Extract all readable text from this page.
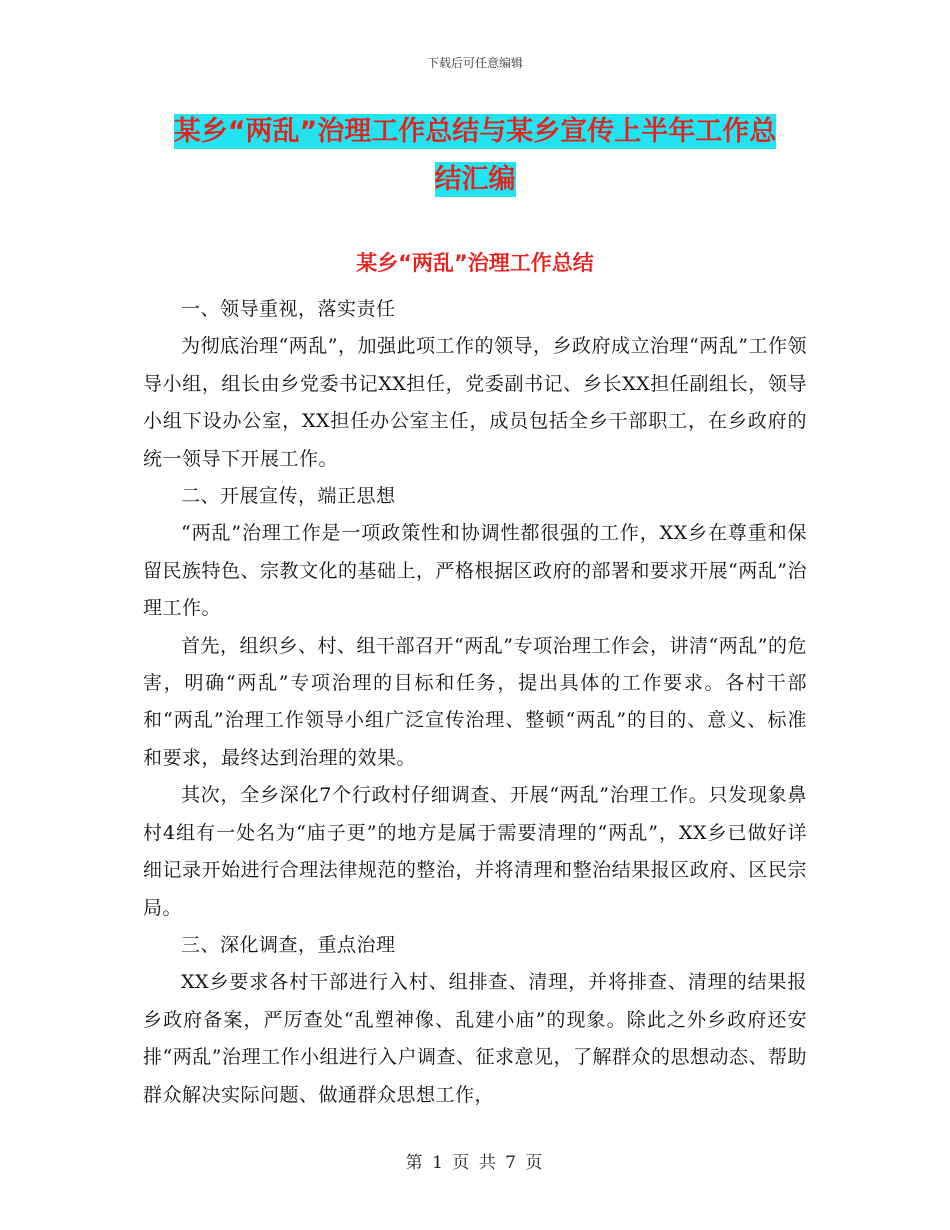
下载后可任意编辑
某乡“两乱”治理工作总结与某乡宣传上半年工作总
结汇编
某乡“两乱”治理工作总结

一、领导重视，落实责任

为彻底治理“两乱”，加强此项工作的领导，乡政府成立治理“两乱”工作领导小组，组长由乡党委书记XX担任，党委副书记、乡长XX担任副组长，领导小组下设办公室，XX担任办公室主任，成员包括全乡干部职工，在乡政府的统一领导下开展工作。

二、开展宣传，端正思想

“两乱”治理工作是一项政策性和协调性都很强的工作，XX乡在尊重和保留民族特色、宗教文化的基础上，严格根据区政府的部署和要求开展“两乱”治理工作。

首先，组织乡、村、组干部召开“两乱”专项治理工作会，讲清“两乱”的危害，明确“两乱”专项治理的目标和任务，提出具体的工作要求。各村干部和“两乱”治理工作领导小组广泛宣传治理、整顿“两乱”的目的、意义、标准和要求，最终达到治理的效果。

其次，全乡深化7个行政村仔细调查、开展“两乱”治理工作。只发现象鼻村4组有一处名为“庙子更”的地方是属于需要清理的“两乱”，XX乡已做好详细记录开始进行合理法律规范的整治，并将清理和整治结果报区政府、区民宗局。

三、深化调查，重点治理

XX乡要求各村干部进行入村、组排查、清理，并将排查、清理的结果报乡政府备案，严厉查处“乱塑神像、乱建小庙”的现象。除此之外乡政府还安排“两乱”治理工作小组进行入户调查、征求意见，了解群众的思想动态、帮助群众解决实际问题、做通群众思想工作，

第 1 页 共 7 页
